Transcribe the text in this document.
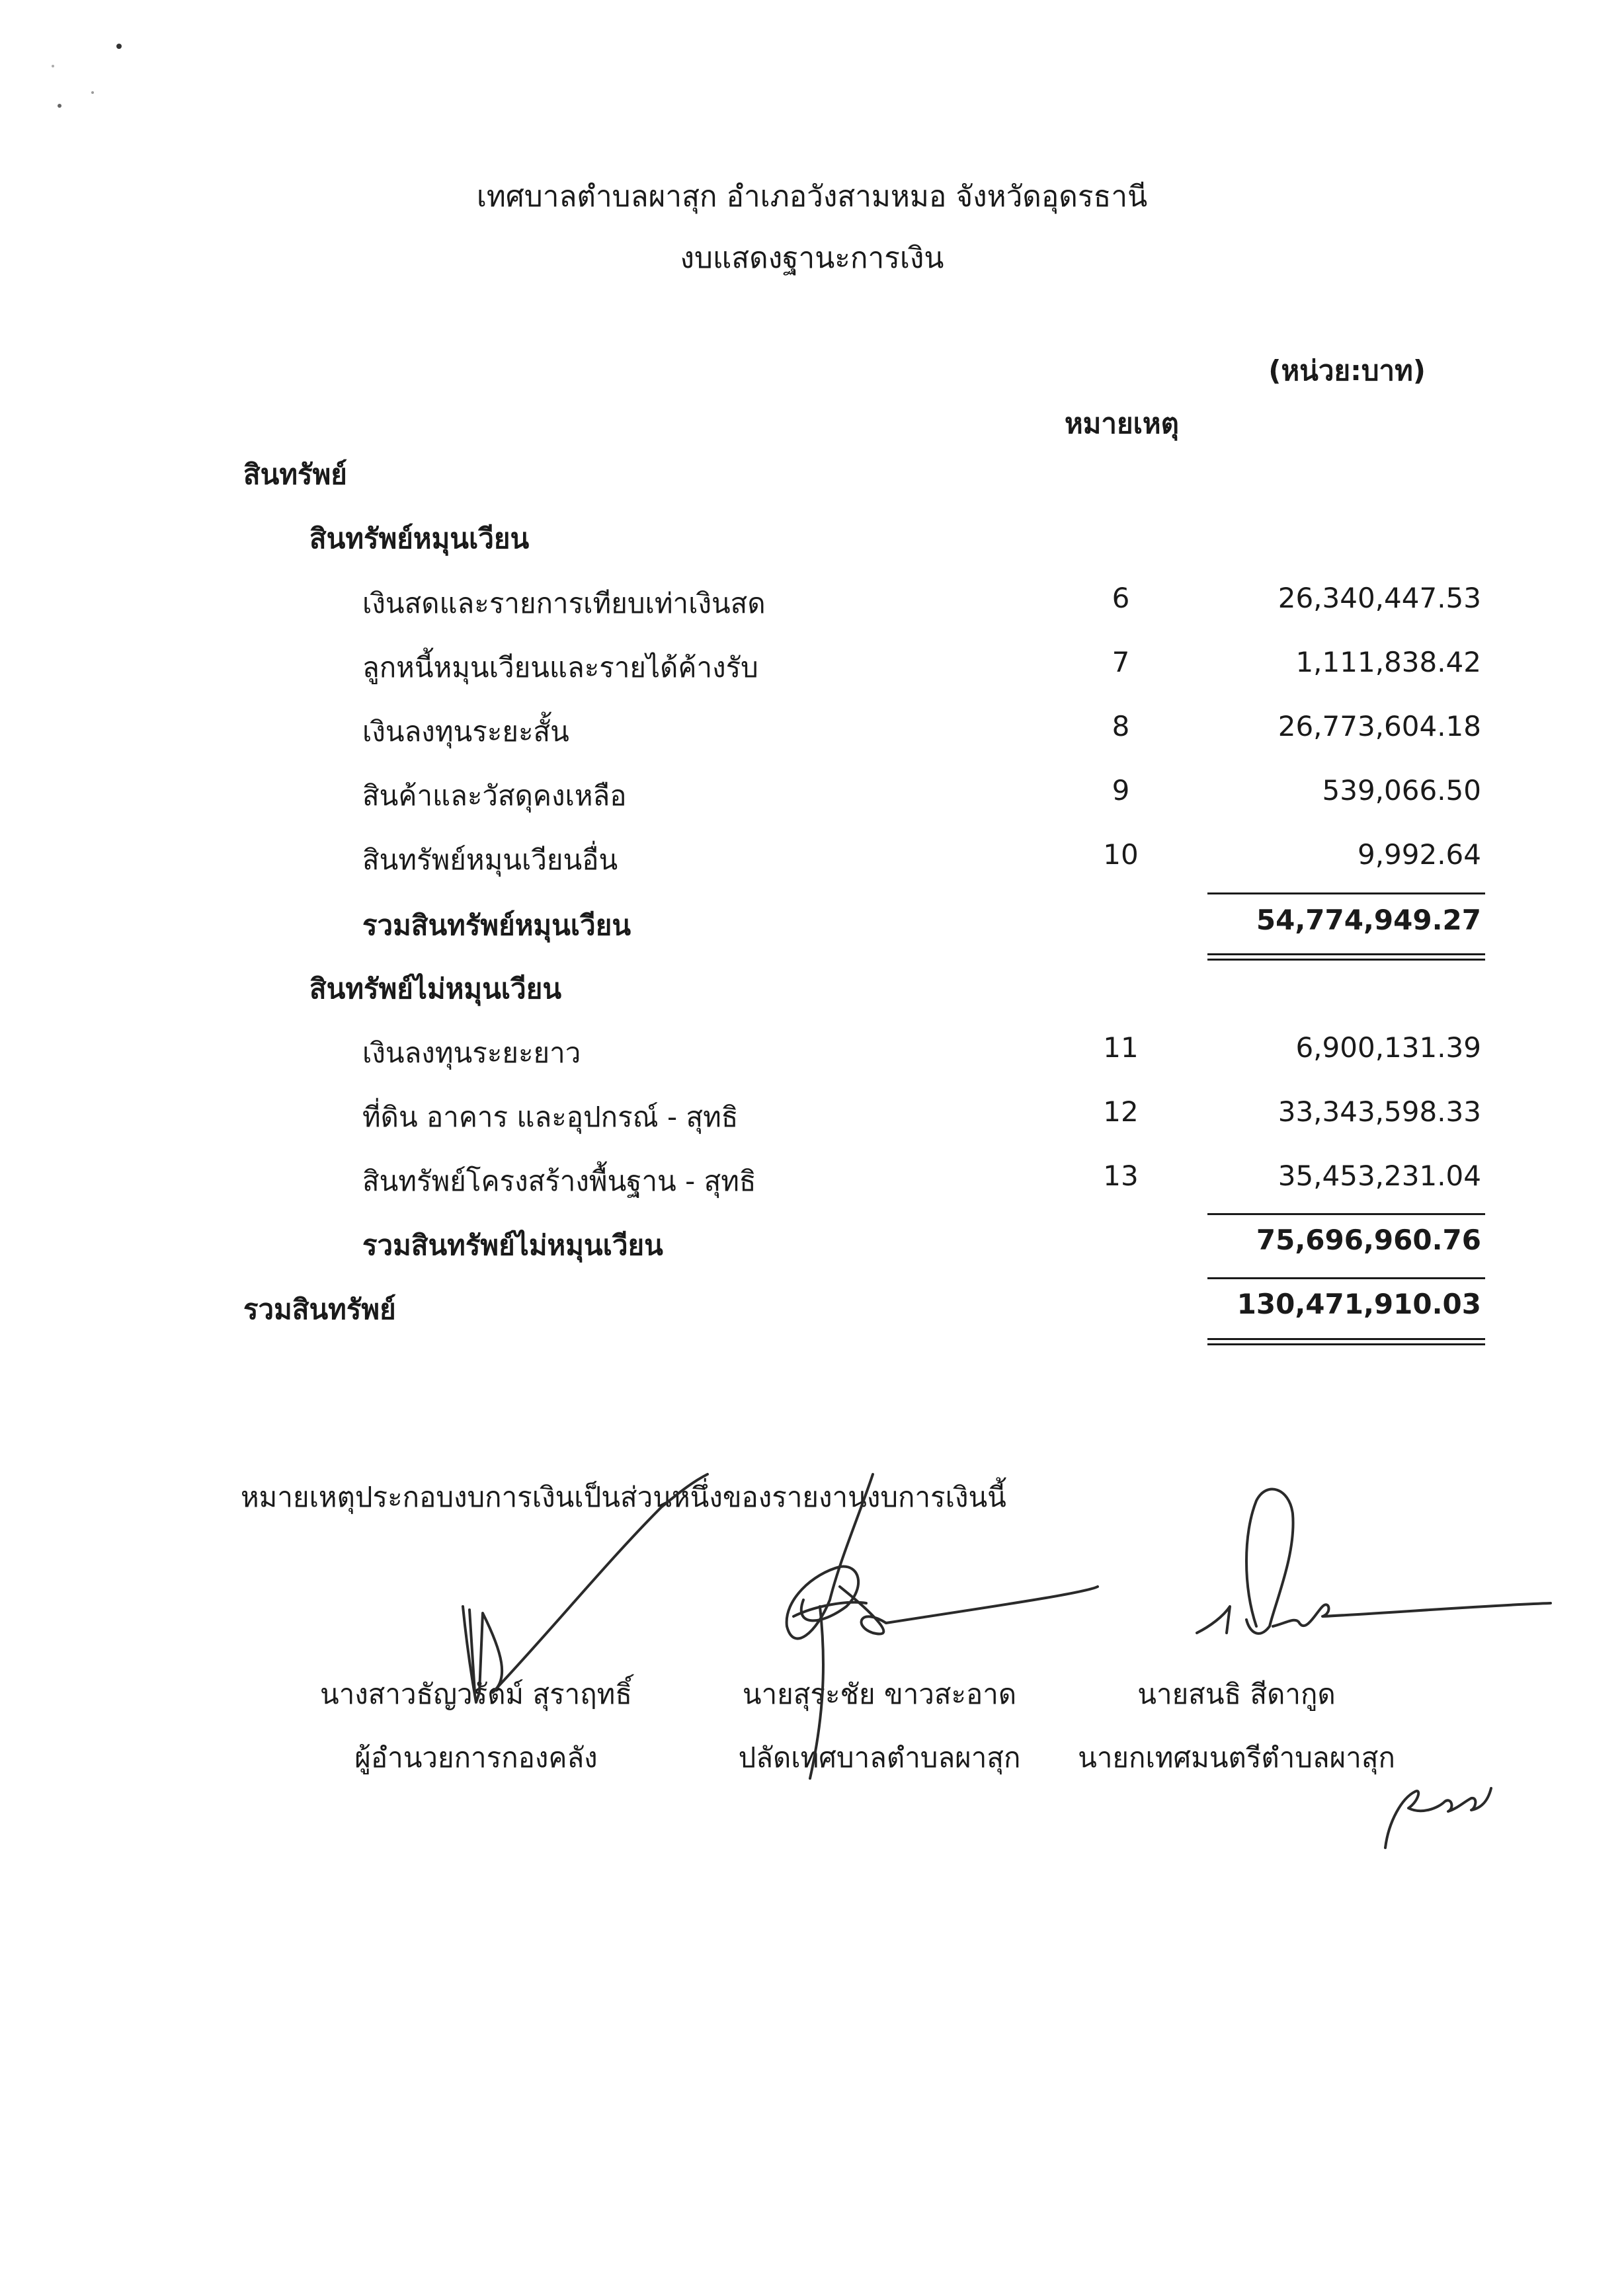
เทศบาลตำบลผาสุก อำเภอวังสามหมอ จังหวัดอุดรธานี
งบแสดงฐานะการเงิน
(หน่วย:บาท)
หมายเหตุ
สินทรัพย์
สินทรัพย์หมุนเวียน
เงินสดและรายการเทียบเท่าเงินสด	6	26,340,447.53
ลูกหนี้หมุนเวียนและรายได้ค้างรับ	7	1,111,838.42
เงินลงทุนระยะสั้น	8	26,773,604.18
สินค้าและวัสดุคงเหลือ	9	539,066.50
สินทรัพย์หมุนเวียนอื่น	10	9,992.64
รวมสินทรัพย์หมุนเวียน	54,774,949.27
สินทรัพย์ไม่หมุนเวียน
เงินลงทุนระยะยาว	11	6,900,131.39
ที่ดิน อาคาร และอุปกรณ์ - สุทธิ	12	33,343,598.33
สินทรัพย์โครงสร้างพื้นฐาน - สุทธิ	13	35,453,231.04
รวมสินทรัพย์ไม่หมุนเวียน	75,696,960.76
รวมสินทรัพย์	130,471,910.03
หมายเหตุประกอบงบการเงินเป็นส่วนหนึ่งของรายงานงบการเงินนี้
นางสาวธัญวรัตม์ สุราฤทธิ์
ผู้อำนวยการกองคลัง
นายสุระชัย ขาวสะอาด
ปลัดเทศบาลตำบลผาสุก
นายสนธิ สีดากูด
นายกเทศมนตรีตำบลผาสุก
